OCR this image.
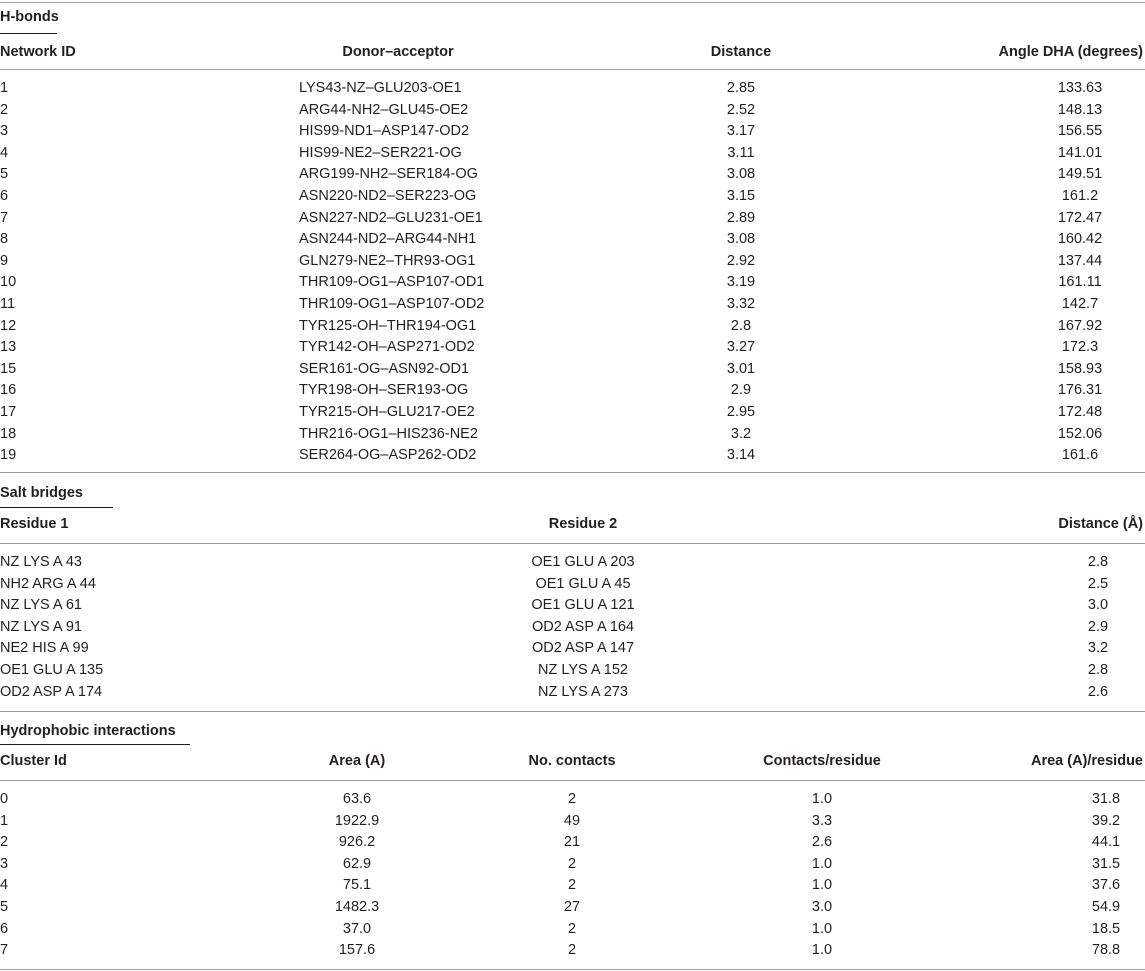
H-bonds
Network ID	Donor–acceptor	Distance	Angle DHA (degrees)
1	LYS43-NZ–GLU203-OE1	2.85	133.63
2	ARG44-NH2–GLU45-OE2	2.52	148.13
3	HIS99-ND1–ASP147-OD2	3.17	156.55
4	HIS99-NE2–SER221-OG	3.11	141.01
5	ARG199-NH2–SER184-OG	3.08	149.51
6	ASN220-ND2–SER223-OG	3.15	161.2
7	ASN227-ND2–GLU231-OE1	2.89	172.47
8	ASN244-ND2–ARG44-NH1	3.08	160.42
9	GLN279-NE2–THR93-OG1	2.92	137.44
10	THR109-OG1–ASP107-OD1	3.19	161.11
11	THR109-OG1–ASP107-OD2	3.32	142.7
12	TYR125-OH–THR194-OG1	2.8	167.92
13	TYR142-OH–ASP271-OD2	3.27	172.3
15	SER161-OG–ASN92-OD1	3.01	158.93
16	TYR198-OH–SER193-OG	2.9	176.31
17	TYR215-OH–GLU217-OE2	2.95	172.48
18	THR216-OG1–HIS236-NE2	3.2	152.06
19	SER264-OG–ASP262-OD2	3.14	161.6
Salt bridges
Residue 1	Residue 2	Distance (Å)
NZ LYS A 43	OE1 GLU A 203	2.8
NH2 ARG A 44	OE1 GLU A 45	2.5
NZ LYS A 61	OE1 GLU A 121	3.0
NZ LYS A 91	OD2 ASP A 164	2.9
NE2 HIS A 99	OD2 ASP A 147	3.2
OE1 GLU A 135	NZ LYS A 152	2.8
OD2 ASP A 174	NZ LYS A 273	2.6
Hydrophobic interactions
Cluster Id	Area (A)	No. contacts	Contacts/residue	Area (A)/residue
0	63.6	2	1.0	31.8
1	1922.9	49	3.3	39.2
2	926.2	21	2.6	44.1
3	62.9	2	1.0	31.5
4	75.1	2	1.0	37.6
5	1482.3	27	3.0	54.9
6	37.0	2	1.0	18.5
7	157.6	2	1.0	78.8
